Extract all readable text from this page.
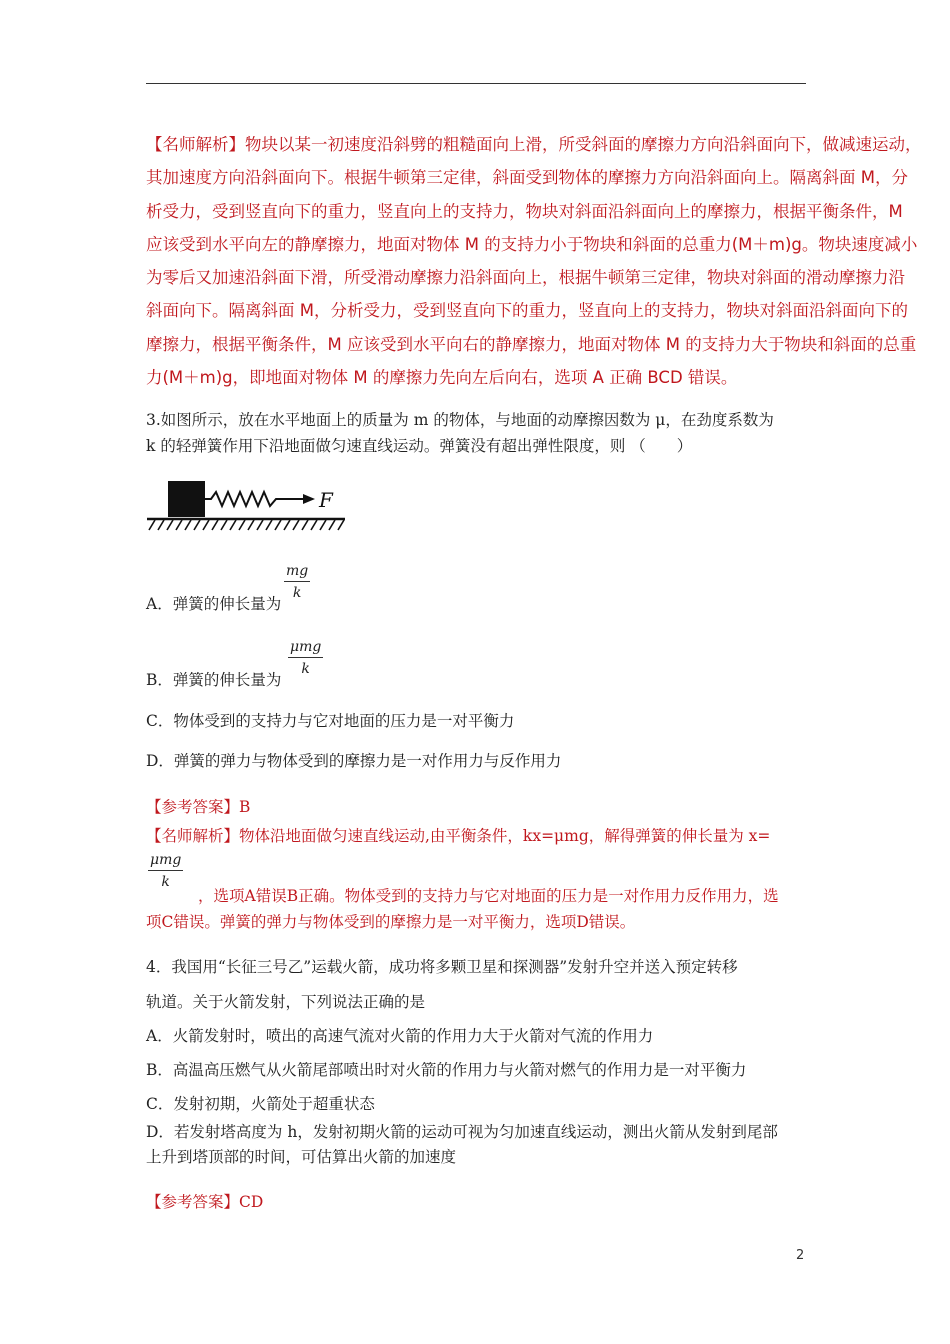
【名师解析】物块以某一初速度沿斜劈的粗糙面向上滑，所受斜面的摩擦力方向沿斜面向下，做减速运动，
其加速度方向沿斜面向下。根据牛顿第三定律，斜面受到物体的摩擦力方向沿斜面向上。隔离斜面 M，分
析受力，受到竖直向下的重力，竖直向上的支持力，物块对斜面沿斜面向上的摩擦力，根据平衡条件，M
应该受到水平向左的静摩擦力，地面对物体 M 的支持力小于物块和斜面的总重力(M＋m)g。物块速度减小
为零后又加速沿斜面下滑，所受滑动摩擦力沿斜面向上，根据牛顿第三定律，物块对斜面的滑动摩擦力沿
斜面向下。隔离斜面 M，分析受力，受到竖直向下的重力，竖直向上的支持力，物块对斜面沿斜面向下的
摩擦力，根据平衡条件，M 应该受到水平向右的静摩擦力，地面对物体 M 的支持力大于物块和斜面的总重
力(M＋m)g，即地面对物体 M 的摩擦力先向左后向右，选项 A 正确 BCD 错误。
3.如图所示，放在水平地面上的质量为 m 的物体，与地面的动摩擦因数为 μ，在劲度系数为
k 的轻弹簧作用下沿地面做匀速直线运动。弹簧没有超出弹性限度，则 （　　）
F
A．弹簧的伸长量为
$\frac{mg}{k}$
B．弹簧的伸长量为
μmg
k
C．物体受到的支持力与它对地面的压力是一对平衡力
D．弹簧的弹力与物体受到的摩擦力是一对作用力与反作用力
【参考答案】B
【名师解析】物体沿地面做匀速直线运动,由平衡条件，kx=μmg，解得弹簧的伸长量为 x=
μmg
k
，选项A错误B正确。物体受到的支持力与它对地面的压力是一对作用力反作用力，选
项C错误。弹簧的弹力与物体受到的摩擦力是一对平衡力，选项D错误。
4．我国用“长征三号乙”运载火箭，成功将多颗卫星和探测器”发射升空并送入预定转移
轨道。关于火箭发射，下列说法正确的是
A．火箭发射时，喷出的高速气流对火箭的作用力大于火箭对气流的作用力
B．高温高压燃气从火箭尾部喷出时对火箭的作用力与火箭对燃气的作用力是一对平衡力
C．发射初期，火箭处于超重状态
D．若发射塔高度为 h，发射初期火箭的运动可视为匀加速直线运动，测出火箭从发射到尾部
上升到塔顶部的时间，可估算出火箭的加速度
【参考答案】CD
2
